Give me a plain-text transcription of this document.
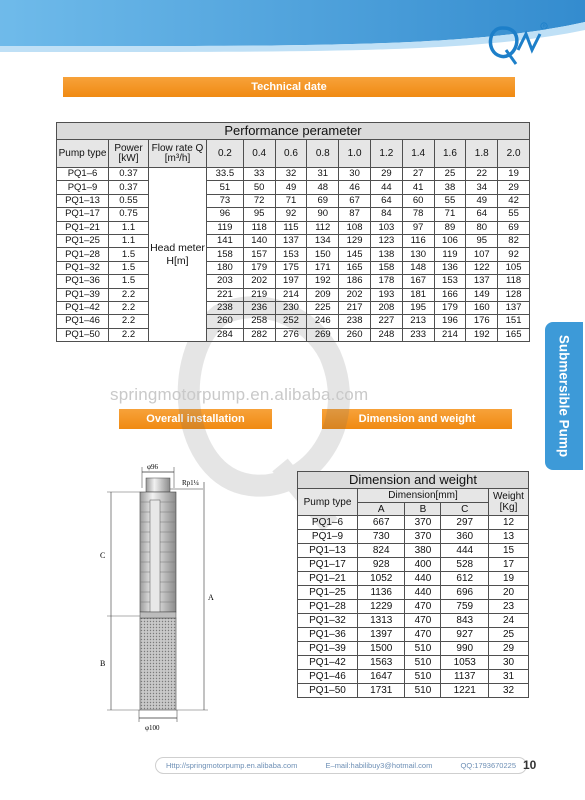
R
Technical date
Overall installation	Dimension and weight
springmotorpump.en.alibaba.com	Submersible Pump
Performance perameter												
Pump type	Power [kW]	Flow rate Q [m³/h]	0.2	0.4	0.6	0.8	1.0	1.2	1.4	1.6	1.8	2.0
PQ1–6	0.37	Head meter H[m]	33.5	33	32	31	30	29	27	25	22	19
PQ1–9	0.37		51	50	49	48	46	44	41	38	34	29
PQ1–13	0.55		73	72	71	69	67	64	60	55	49	42
PQ1–17	0.75		96	95	92	90	87	84	78	71	64	55
PQ1–21	1.1		119	118	115	112	108	103	97	89	80	69
PQ1–25	1.1		141	140	137	134	129	123	116	106	95	82
PQ1–28	1.5		158	157	153	150	145	138	130	119	107	92
PQ1–32	1.5		180	179	175	171	165	158	148	136	122	105
PQ1–36	1.5		203	202	197	192	186	178	167	153	137	118
PQ1–39	2.2		221	219	214	209	202	193	181	166	149	128
PQ1–42	2.2		238	236	230	225	217	208	195	179	160	137
PQ1–46	2.2		260	258	252	246	238	227	213	196	176	151
PQ1–50	2.2		284	282	276	269	260	248	233	214	192	165
φ96
Rp1¼
C
B
A
φ100
Dimension and weight				
Pump type	Dimension[mm]			Weight [Kg]
	A	B	C	
PQ1–6	667	370	297	12
PQ1–9	730	370	360	13
PQ1–13	824	380	444	15
PQ1–17	928	400	528	17
PQ1–21	1052	440	612	19
PQ1–25	1136	440	696	20
PQ1–28	1229	470	759	23
PQ1–32	1313	470	843	24
PQ1–36	1397	470	927	25
PQ1–39	1500	510	990	29
PQ1–42	1563	510	1053	30
PQ1–46	1647	510	1137	31
PQ1–50	1731	510	1221	32
Http://springmotorpump.en.alibaba.com	E–mail:habilibuy3@hotmail.com	QQ:1793670225 10
